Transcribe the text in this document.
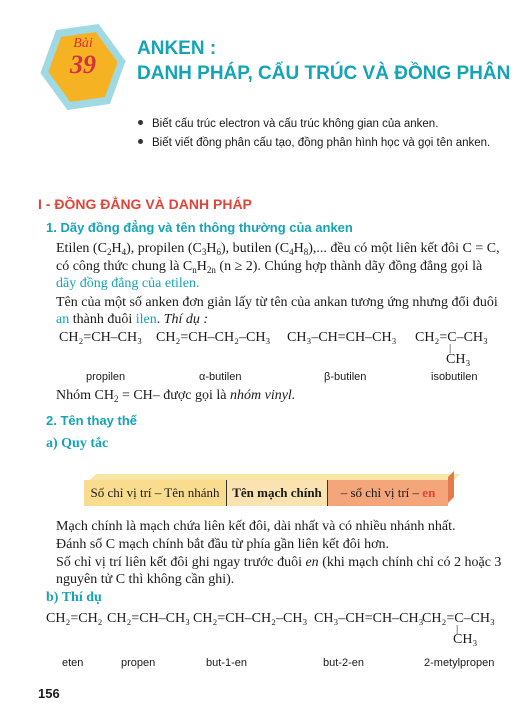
Bài
39
ANKEN :
DANH PHÁP, CẤU TRÚC VÀ ĐỒNG PHÂN
Biết cấu trúc electron và cấu trúc không gian của anken.
Biết viết đồng phân cấu tạo, đồng phân hình học và gọi tên anken.
I - ĐỒNG ĐẲNG VÀ DANH PHÁP
1. Dãy đồng đẳng và tên thông thường của anken
Etilen $(C_2H_4)$, propilen $(C_3H_6)$, butilen $(C_4H_8)$,... đều có một liên kết đôi C = C,
có công thức chung là $C_nH_{2n}$ (n ≥ 2). Chúng hợp thành dãy đồng đẳng gọi là
dãy đồng đẳng của etilen.
Tên của một số anken đơn giản lấy từ tên của ankan tương ứng nhưng đổi đuôi
an thành đuôi ilen. Thí dụ :
CH₂=CH–CH₃ CH₂=CH–CH₂–CH₃ CH₃–CH=CH–CH₃ CH₂=C–CH₃
|
CH₃
propilen	α-butilen	β-butilen	isobutilen
Nhóm $CH_2 = CH-$ được gọi là nhóm vinyl.
2. Tên thay thế
a) Quy tắc
Số chỉ vị trí – Tên nhánh Tên mạch chính	– số chỉ vị trí – en
Mạch chính là mạch chứa liên kết đôi, dài nhất và có nhiều nhánh nhất.
Đánh số C mạch chính bắt đầu từ phía gần liên kết đôi hơn.
Số chỉ vị trí liên kết đôi ghi ngay trước đuôi en (khi mạch chính chỉ có 2 hoặc 3
nguyên tử C thì không cần ghi).
b) Thí dụ
CH₂=CH₂ CH₂=CH–CH₃ CH₂=CH–CH₂–CH₃ CH₃–CH=CH–CH₃
CH₂=C–CH₃
|
CH₃
eten	propen	but-1-en	but-2-en	2-metylpropen
156
